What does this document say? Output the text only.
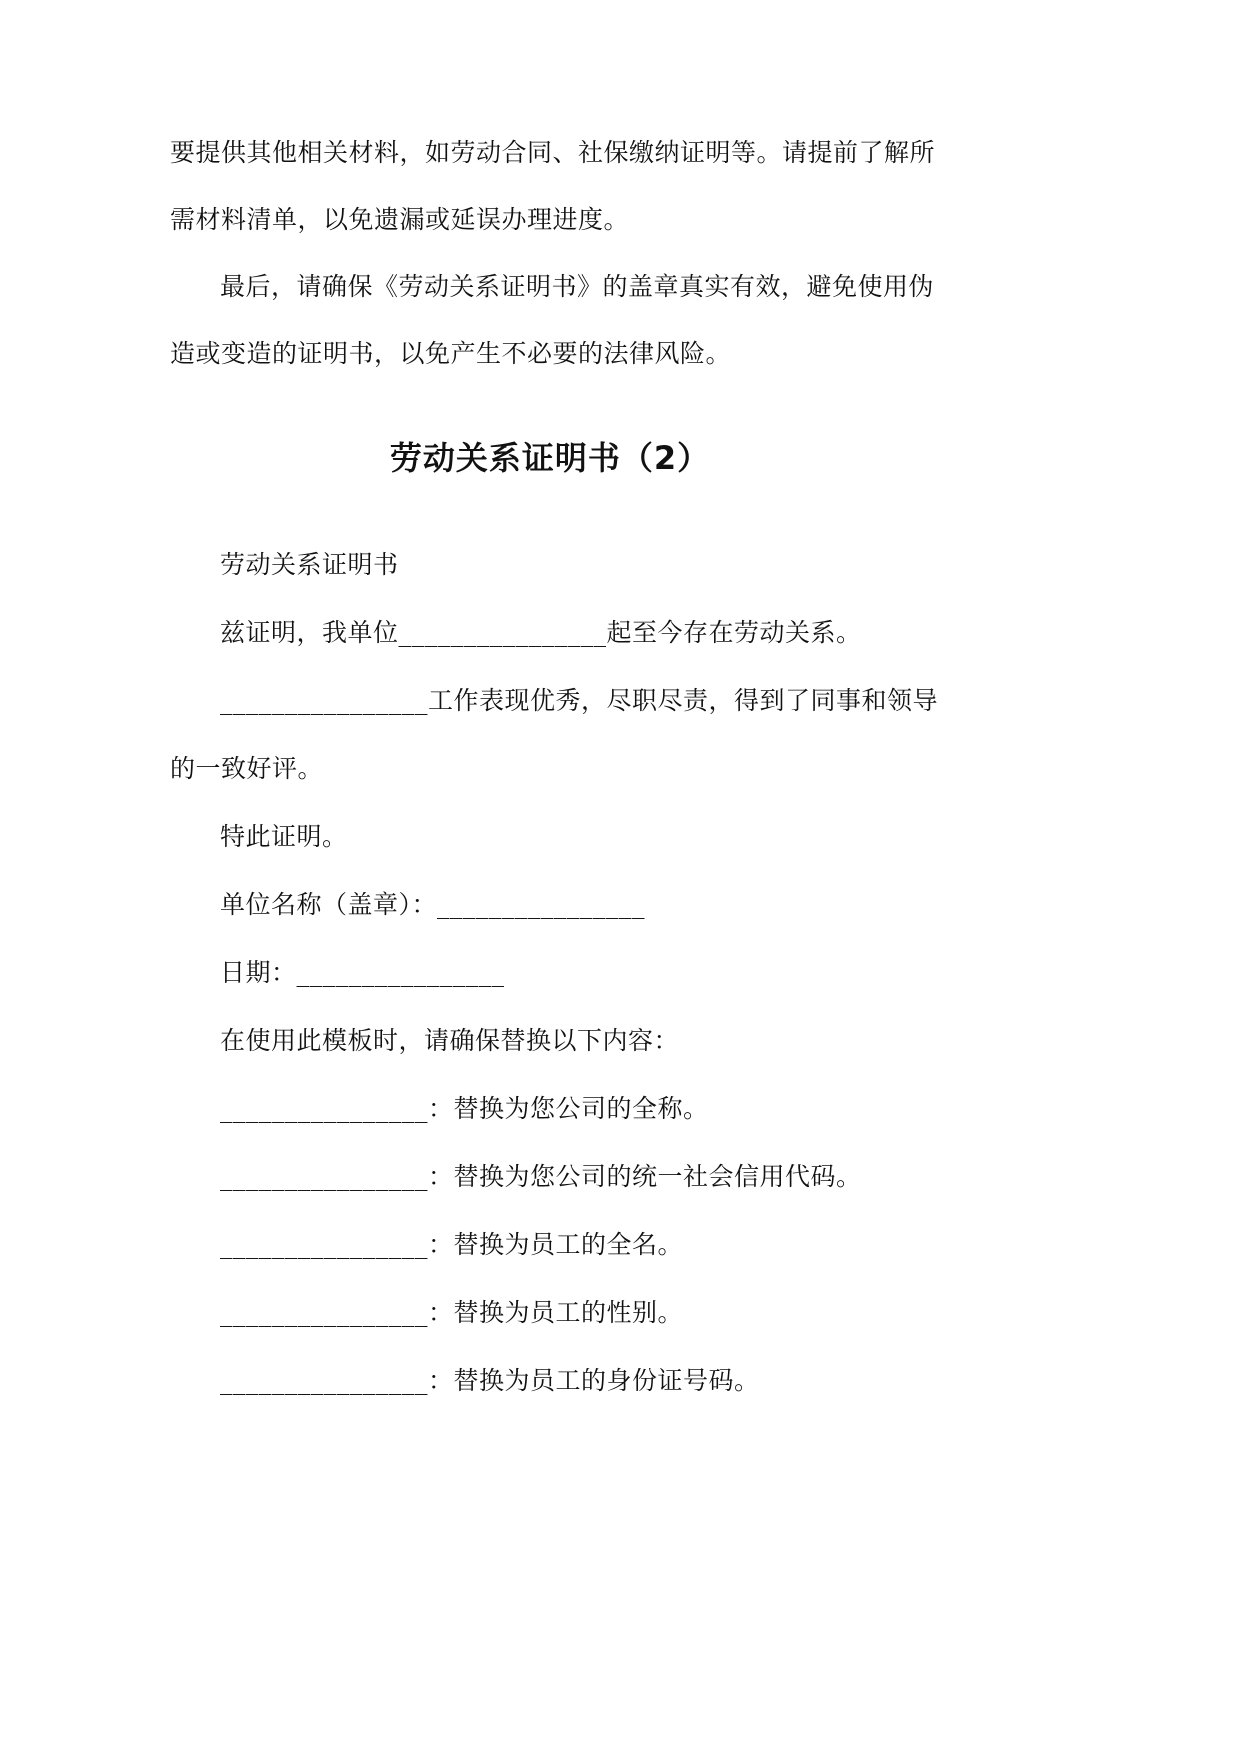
要提供其他相关材料，如劳动合同、社保缴纳证明等。请提前了解所
需材料清单，以免遗漏或延误办理进度。
最后，请确保《劳动关系证明书》的盖章真实有效，避免使用伪
造或变造的证明书，以免产生不必要的法律风险。
劳动关系证明书（2）
劳动关系证明书
兹证明，我单位________________起至今存在劳动关系。
________________工作表现优秀，尽职尽责，得到了同事和领导
的一致好评。
特此证明。
单位名称（盖章）：________________
日期：________________
在使用此模板时，请确保替换以下内容：
________________：替换为您公司的全称。
________________：替换为您公司的统一社会信用代码。
________________：替换为员工的全名。
________________：替换为员工的性别。
________________：替换为员工的身份证号码。
